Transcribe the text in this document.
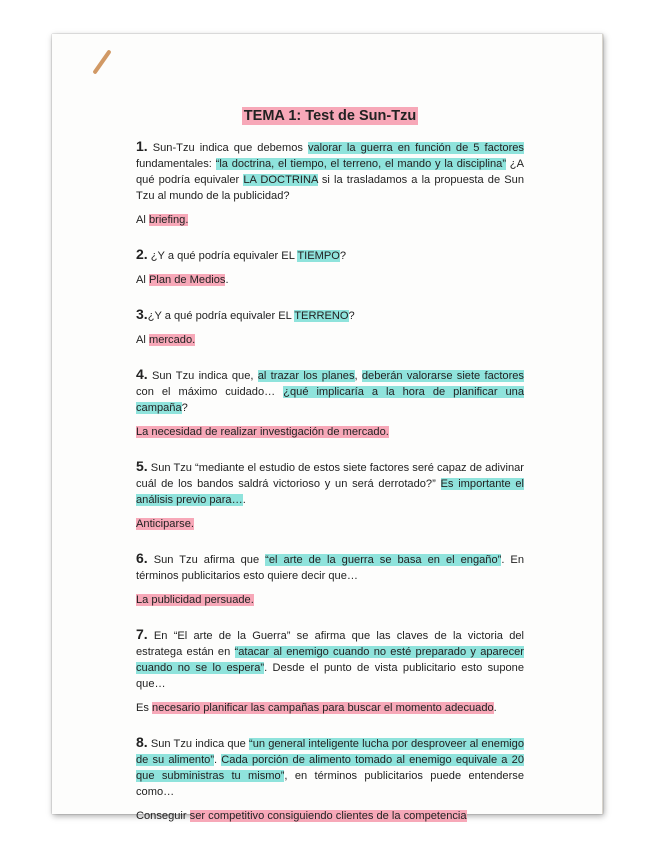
TEMA 1: Test de Sun-Tzu

1. Sun-Tzu indica que debemos valorar la guerra en función de 5 factores fundamentales: “la doctrina, el tiempo, el terreno, el mando y la disciplina” ¿A qué podría equivaler LA DOCTRINA si la trasladamos a la propuesta de Sun Tzu al mundo de la publicidad?

Al briefing.

2. ¿Y a qué podría equivaler EL TIEMPO?

Al Plan de Medios.

3.¿Y a qué podría equivaler EL TERRENO?

Al mercado.

4. Sun Tzu indica que, al trazar los planes, deberán valorarse siete factores con el máximo cuidado… ¿qué implicaría a la hora de planificar una campaña?

La necesidad de realizar investigación de mercado.

5. Sun Tzu “mediante el estudio de estos siete factores seré capaz de adivinar cuál de los bandos saldrá victorioso y un será derrotado?” Es importante el análisis previo para….

Anticiparse.

6. Sun Tzu afirma que “el arte de la guerra se basa en el engaño”. En términos publicitarios esto quiere decir que…

La publicidad persuade.

7. En “El arte de la Guerra” se afirma que las claves de la victoria del estratega están en “atacar al enemigo cuando no esté preparado y aparecer cuando no se lo espera”. Desde el punto de vista publicitario esto supone que…

Es necesario planificar las campañas para buscar el momento adecuado.

8. Sun Tzu indica que “un general inteligente lucha por desproveer al enemigo de su alimento”. Cada porción de alimento tomado al enemigo equivale a 20 que subministras tu mismo”, en términos publicitarios puede entenderse como…

Conseguir ser competitivo consiguiendo clientes de la competencia
